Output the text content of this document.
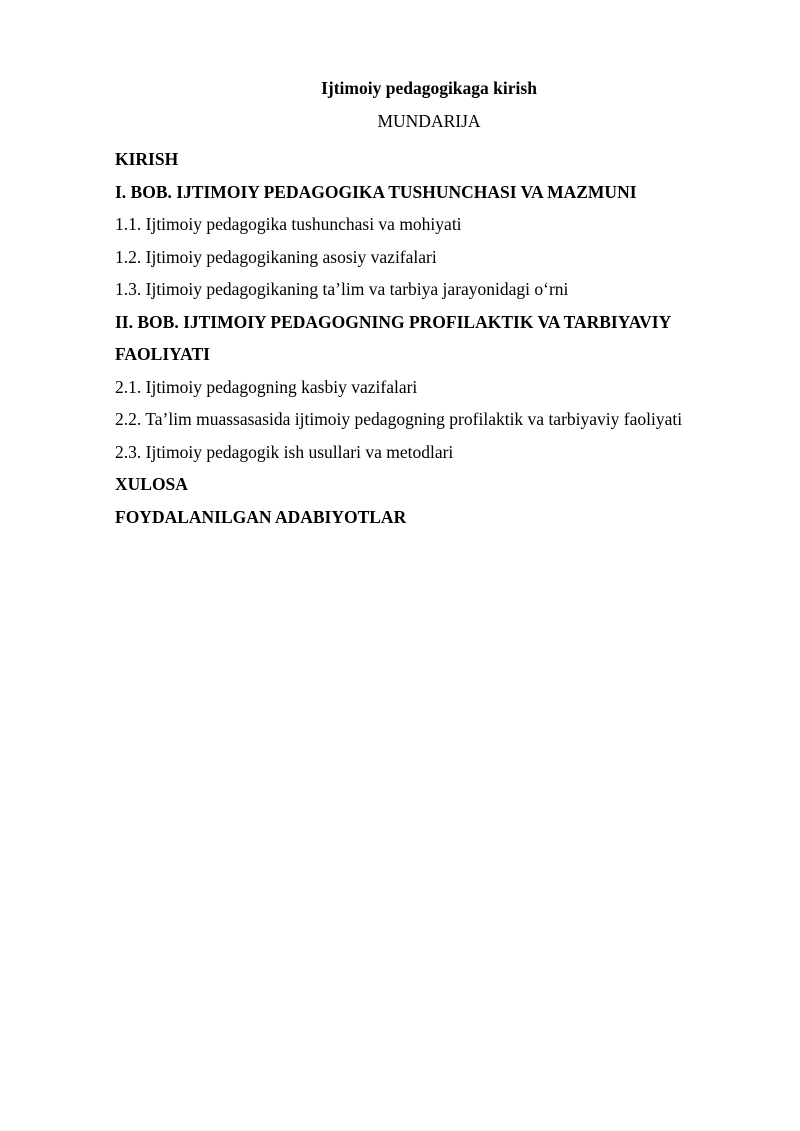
Ijtimoiy pedagogikaga kirish
MUNDARIJA
KIRISH
I. BOB. IJTIMOIY PEDAGOGIKA TUSHUNCHASI VA MAZMUNI
1.1. Ijtimoiy pedagogika tushunchasi va mohiyati
1.2. Ijtimoiy pedagogikaning asosiy vazifalari
1.3. Ijtimoiy pedagogikaning ta’lim va tarbiya jarayonidagi o‘rni
II. BOB. IJTIMOIY PEDAGOGNING PROFILAKTIK VA TARBIYAVIY
FAOLIYATI
2.1. Ijtimoiy pedagogning kasbiy vazifalari
2.2. Ta’lim muassasasida ijtimoiy pedagogning profilaktik va tarbiyaviy faoliyati
2.3. Ijtimoiy pedagogik ish usullari va metodlari
XULOSA
FOYDALANILGAN ADABIYOTLAR
